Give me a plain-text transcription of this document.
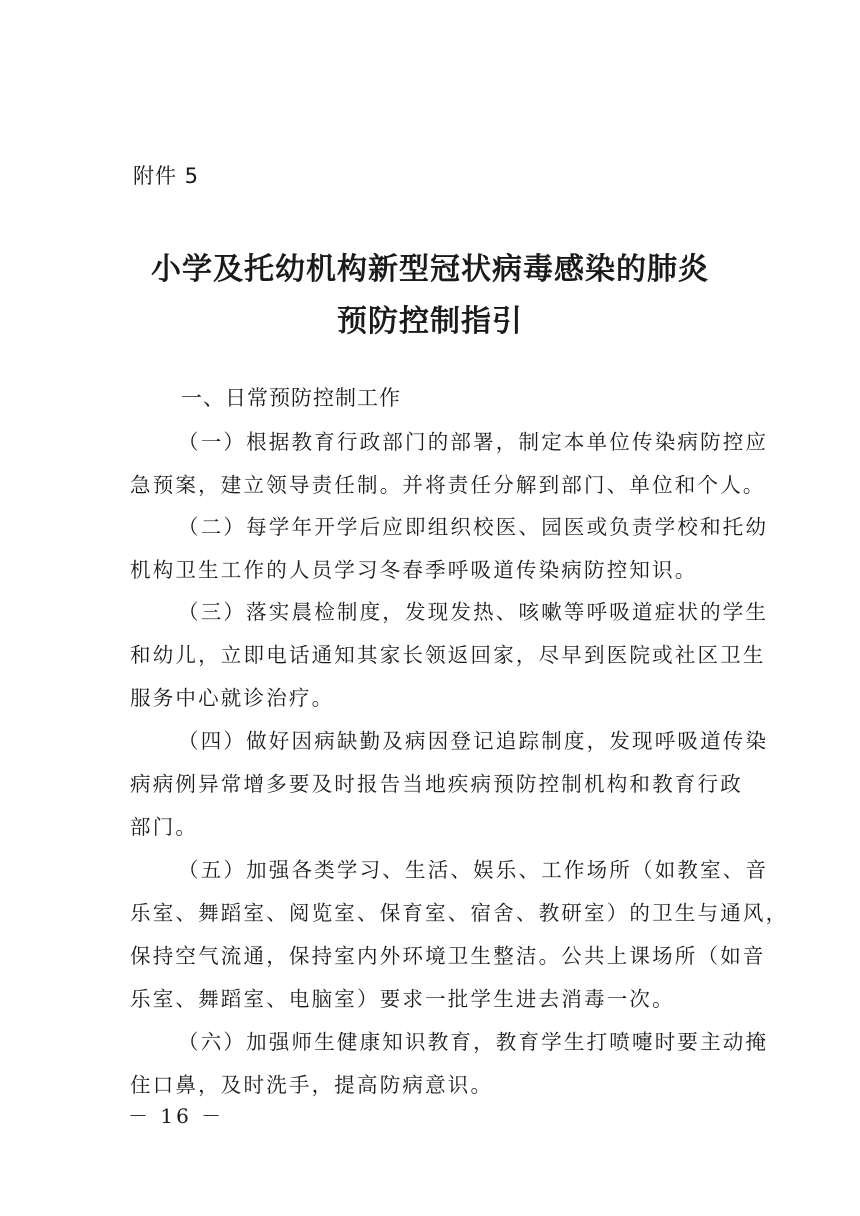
附件 5
小学及托幼机构新型冠状病毒感染的肺炎
预防控制指引
一、日常预防控制工作
（一）根据教育行政部门的部署，制定本单位传染病防控应
急预案，建立领导责任制。并将责任分解到部门、单位和个人。
（二）每学年开学后应即组织校医、园医或负责学校和托幼
机构卫生工作的人员学习冬春季呼吸道传染病防控知识。
（三）落实晨检制度，发现发热、咳嗽等呼吸道症状的学生
和幼儿，立即电话通知其家长领返回家，尽早到医院或社区卫生
服务中心就诊治疗。
（四）做好因病缺勤及病因登记追踪制度，发现呼吸道传染
病病例异常增多要及时报告当地疾病预防控制机构和教育行政
部门。
（五）加强各类学习、生活、娱乐、工作场所（如教室、音
乐室、舞蹈室、阅览室、保育室、宿舍、教研室）的卫生与通风，
保持空气流通，保持室内外环境卫生整洁。公共上课场所（如音
乐室、舞蹈室、电脑室）要求一批学生进去消毒一次。
（六）加强师生健康知识教育，教育学生打喷嚏时要主动掩
住口鼻，及时洗手，提高防病意识。
－ 16 －
